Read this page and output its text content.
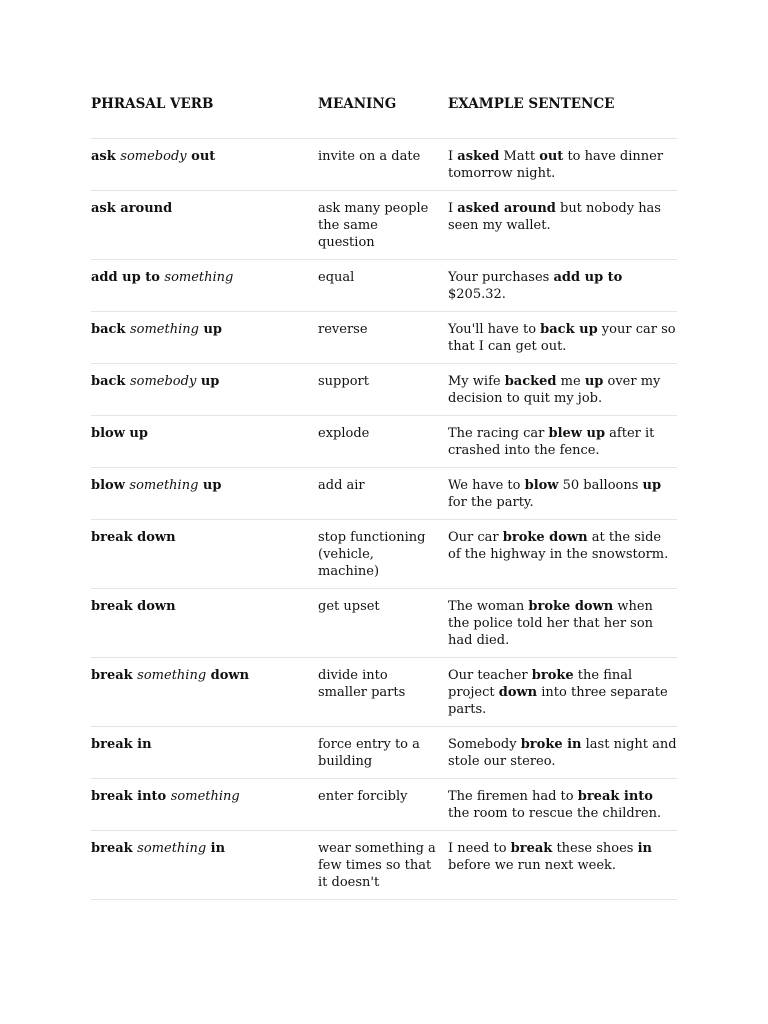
PHRASAL VERB	MEANING	EXAMPLE SENTENCE
ask somebody out	invite on a date	I asked Matt out to have dinner tomorrow night.
ask around	ask many people the same question	I asked around but nobody has seen my wallet.
add up to something	equal	Your purchases add up to $205.32.
back something up	reverse	You'll have to back up your car so that I can get out.
back somebody up	support	My wife backed me up over my decision to quit my job.
blow up	explode	The racing car blew up after it crashed into the fence.
blow something up	add air	We have to blow 50 balloons up for the party.
break down	stop functioning (vehicle, machine)	Our car broke down at the side of the highway in the snowstorm.
break down	get upset	The woman broke down when the police told her that her son had died.
break something down	divide into smaller parts	Our teacher broke the final project down into three separate parts.
break in	force entry to a building	Somebody broke in last night and stole our stereo.
break into something	enter forcibly	The firemen had to break into the room to rescue the children.
break something in	wear something a few times so that it doesn't	I need to break these shoes in before we run next week.
